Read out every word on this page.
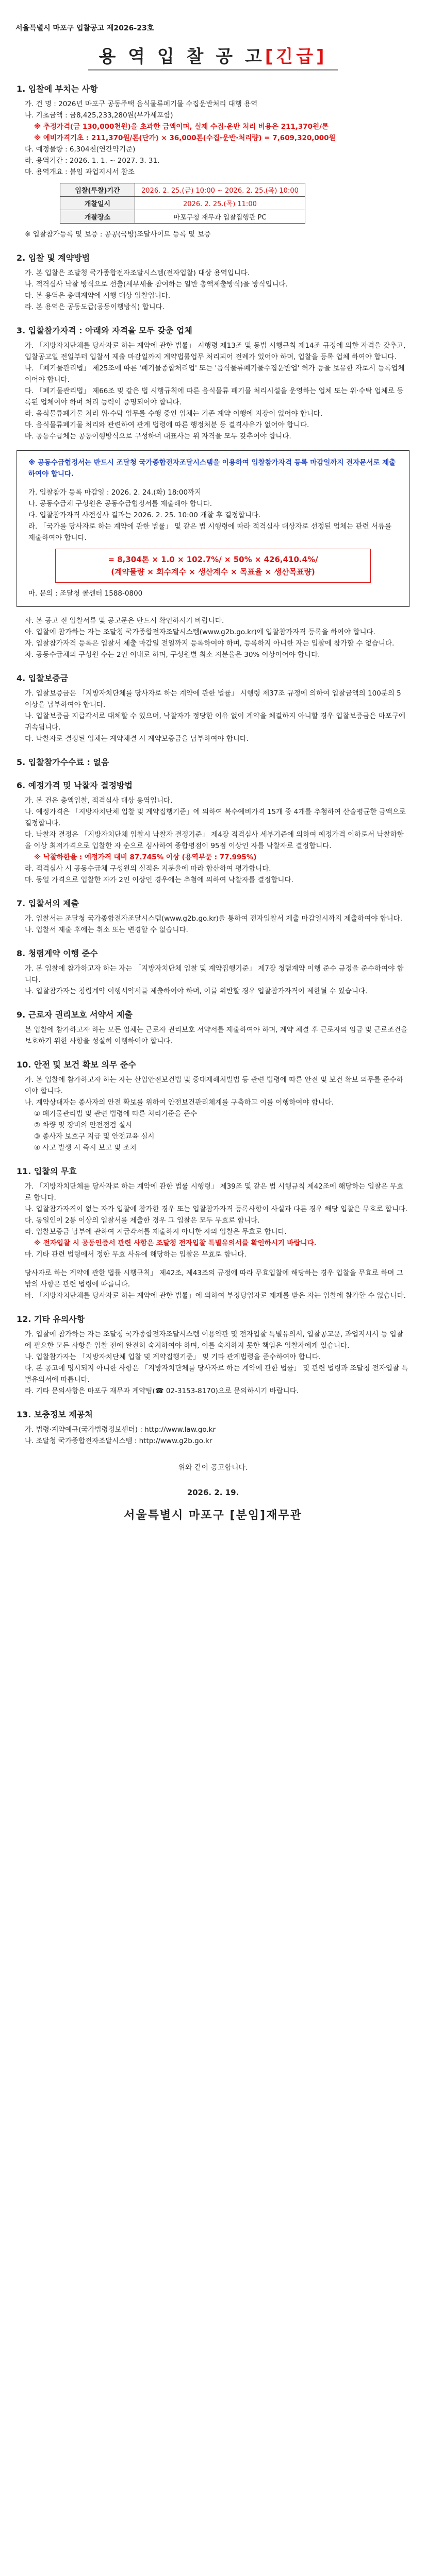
서울특별시 마포구 입찰공고 제2026-23호
용 역 입 찰 공 고[긴급]
1. 입찰에 부치는 사항
가. 건 명 : 2026년 마포구 공동주택 음식물류폐기물 수집운반처리 대행 용역
나. 기초금액 : 금8,425,233,280원(부가세포함)
※ 추정가격(금 130,000천원)을 초과한 금액이며, 실제 수집·운반 처리 비용은 211,370원/톤
※ 예비가격기초 : 211,370원/톤(단가) × 36,000톤(수집·운반·처리량) = 7,609,320,000원
다. 예정물량 : 6,304천(연간약기준)
라. 용역기간 : 2026. 1. 1. ~ 2027. 3. 31.
마. 용역개요 : 붙임 과업지시서 참조
입찰(투찰)기간	2026. 2. 25.(금) 10:00 ~ 2026. 2. 25.(목) 10:00
개찰일시	2026. 2. 25.(목) 11:00
개찰장소	마포구청 재무과 입찰집행관 PC
※ 입찰참가등록 및 보증 : 공공(국방)조달사이트 등록 및 보증
2. 입찰 및 계약방법
가. 본 입찰은 조달청 국가종합전자조달시스템(전자입찰) 대상 용역입니다.
나. 적격심사 낙찰 방식으로 선출(세부세율 참여하는 일반 총액제출방식)을 방식입니다.
다. 본 용역은 총액계약에 시행 대상 입찰입니다.
라. 본 용역은 공동도급(공동이행방식) 합니다.
3. 입찰참가자격 : 아래와 자격을 모두 갖춘 업체
가. 「지방자치단체를 당사자로 하는 계약에 관한 법률」 시행령 제13조 및 동법 시행규칙 제14조 규정에 의한 자격을 갖추고, 입찰공고일 전일부터 입찰서 제출 마감일까지 계약법률업무 처리되어 전례가 있어야 하며, 입찰을 등록 업체 하여야 합니다.
나. 「폐기물관리법」 제25조에 따른 '폐기물종합처리업' 또는 '음식물류폐기물수집운반업' 허가 등을 보유한 자로서 등록업체이어야 합니다.
다. 「폐기물관리법」 제66조 및 같은 법 시행규칙에 따른 음식물류 폐기물 처리시설을 운영하는 업체 또는 위·수탁 업체로 등록된 업체여야 하며 처리 능력이 증명되어야 합니다.
라. 음식물류폐기물 처리 위·수탁 업무를 수행 중인 업체는 기존 계약 이행에 지장이 없어야 합니다.
마. 음식물류폐기물 처리와 관련하여 관계 법령에 따른 행정처분 등 결격사유가 없어야 합니다.
바. 공동수급체는 공동이행방식으로 구성하며 대표사는 위 자격을 모두 갖추어야 합니다.
※ 공동수급협정서는 반드시 조달청 국가종합전자조달시스템을 이용하여 입찰참가자격 등록 마감일까지 전자문서로 제출하여야 합니다.
가. 입찰참가 등록 마감일 : 2026. 2. 24.(화) 18:00까지
나. 공동수급체 구성원은 공동수급협정서를 제출해야 합니다.
다. 입찰참가자격 사전심사 결과는 2026. 2. 25. 10:00 개찰 후 결정합니다.
라. 「국가를 당사자로 하는 계약에 관한 법률」 및 같은 법 시행령에 따라 적격심사 대상자로 선정된 업체는 관련 서류를 제출하여야 합니다.
= 8,304톤 × 1.0 × 102.7%/ × 50% × 426,410.4%/
(계약물량 × 회수계수 × 생산계수 × 목표율 × 생산목표량)
마. 문의 : 조달청 콜센터 1588-0800
사. 본 공고 전 입찰서류 및 공고문은 반드시 확인하시기 바랍니다.
아. 입찰에 참가하는 자는 조달청 국가종합전자조달시스템(www.g2b.go.kr)에 입찰참가자격 등록을 하여야 합니다.
자. 입찰참가자격 등록은 입찰서 제출 마감일 전일까지 등록하여야 하며, 등록하지 아니한 자는 입찰에 참가할 수 없습니다.
차. 공동수급체의 구성원 수는 2인 이내로 하며, 구성원별 최소 지분율은 30% 이상이어야 합니다.
4. 입찰보증금
가. 입찰보증금은 「지방자치단체를 당사자로 하는 계약에 관한 법률」 시행령 제37조 규정에 의하여 입찰금액의 100분의 5 이상을 납부하여야 합니다.
나. 입찰보증금 지급각서로 대체할 수 있으며, 낙찰자가 정당한 이유 없이 계약을 체결하지 아니할 경우 입찰보증금은 마포구에 귀속됩니다.
다. 낙찰자로 결정된 업체는 계약체결 시 계약보증금을 납부하여야 합니다.
5. 입찰참가수수료 : 없음
6. 예정가격 및 낙찰자 결정방법
가. 본 건은 총액입찰, 적격심사 대상 용역입니다.
나. 예정가격은 「지방자치단체 입찰 및 계약집행기준」에 의하여 복수예비가격 15개 중 4개를 추첨하여 산술평균한 금액으로 결정합니다.
다. 낙찰자 결정은 「지방자치단체 입찰시 낙찰자 결정기준」 제4장 적격심사 세부기준에 의하여 예정가격 이하로서 낙찰하한율 이상 최저가격으로 입찰한 자 순으로 심사하여 종합평점이 95점 이상인 자를 낙찰자로 결정합니다.
※ 낙찰하한율 : 예정가격 대비 87.745% 이상 (용역부문 : 77.995%)
라. 적격심사 시 공동수급체 구성원의 실적은 지분율에 따라 합산하여 평가합니다.
마. 동일 가격으로 입찰한 자가 2인 이상인 경우에는 추첨에 의하여 낙찰자를 결정합니다.
7. 입찰서의 제출
가. 입찰서는 조달청 국가종합전자조달시스템(www.g2b.go.kr)을 통하여 전자입찰서 제출 마감일시까지 제출하여야 합니다.
나. 입찰서 제출 후에는 취소 또는 변경할 수 없습니다.
8. 청렴계약 이행 준수
가. 본 입찰에 참가하고자 하는 자는 「지방자치단체 입찰 및 계약집행기준」 제7장 청렴계약 이행 준수 규정을 준수하여야 합니다.
나. 입찰참가자는 청렴계약 이행서약서를 제출하여야 하며, 이를 위반할 경우 입찰참가자격이 제한될 수 있습니다.
9. 근로자 권리보호 서약서 제출
본 입찰에 참가하고자 하는 모든 업체는 근로자 권리보호 서약서를 제출하여야 하며, 계약 체결 후 근로자의 임금 및 근로조건을 보호하기 위한 사항을 성실히 이행하여야 합니다.
10. 안전 및 보건 확보 의무 준수
가. 본 입찰에 참가하고자 하는 자는 산업안전보건법 및 중대재해처벌법 등 관련 법령에 따른 안전 및 보건 확보 의무를 준수하여야 합니다.
나. 계약상대자는 종사자의 안전 확보를 위하여 안전보건관리체계를 구축하고 이를 이행하여야 합니다.
① 폐기물관리법 및 관련 법령에 따른 처리기준을 준수
② 차량 및 장비의 안전점검 실시
③ 종사자 보호구 지급 및 안전교육 실시
④ 사고 발생 시 즉시 보고 및 조치
11. 입찰의 무효
가. 「지방자치단체를 당사자로 하는 계약에 관한 법률 시행령」 제39조 및 같은 법 시행규칙 제42조에 해당하는 입찰은 무효로 합니다.
나. 입찰참가자격이 없는 자가 입찰에 참가한 경우 또는 입찰참가자격 등록사항이 사실과 다른 경우 해당 입찰은 무효로 합니다.
다. 동일인이 2통 이상의 입찰서를 제출한 경우 그 입찰은 모두 무효로 합니다.
라. 입찰보증금 납부에 관하여 지급각서를 제출하지 아니한 자의 입찰은 무효로 합니다.
※ 전자입찰 시 공동인증서 관련 사항은 조달청 전자입찰 특별유의서를 확인하시기 바랍니다.
마. 기타 관련 법령에서 정한 무효 사유에 해당하는 입찰은 무효로 합니다.
당사자로 하는 계약에 관한 법률 시행규칙」 제42조, 제43조의 규정에 따라 무효입찰에 해당하는 경우 입찰을 무효로 하며 그 밖의 사항은 관련 법령에 따릅니다.
바. 「지방자치단체를 당사자로 하는 계약에 관한 법률」에 의하여 부정당업자로 제재를 받은 자는 입찰에 참가할 수 없습니다.
12. 기타 유의사항
가. 입찰에 참가하는 자는 조달청 국가종합전자조달시스템 이용약관 및 전자입찰 특별유의서, 입찰공고문, 과업지시서 등 입찰에 필요한 모든 사항을 입찰 전에 완전히 숙지하여야 하며, 이를 숙지하지 못한 책임은 입찰자에게 있습니다.
나. 입찰참가자는 「지방자치단체 입찰 및 계약집행기준」 및 기타 관계법령을 준수하여야 합니다.
다. 본 공고에 명시되지 아니한 사항은 「지방자치단체를 당사자로 하는 계약에 관한 법률」 및 관련 법령과 조달청 전자입찰 특별유의서에 따릅니다.
라. 기타 문의사항은 마포구 재무과 계약팀(☎ 02-3153-8170)으로 문의하시기 바랍니다.
13. 보충정보 제공처
가. 법령·계약예규(국가법령정보센터) : http://www.law.go.kr
나. 조달청 국가종합전자조달시스템 : http://www.g2b.go.kr
위와 같이 공고합니다.
2026. 2. 19.
서울특별시 마포구 [분임]재무관
